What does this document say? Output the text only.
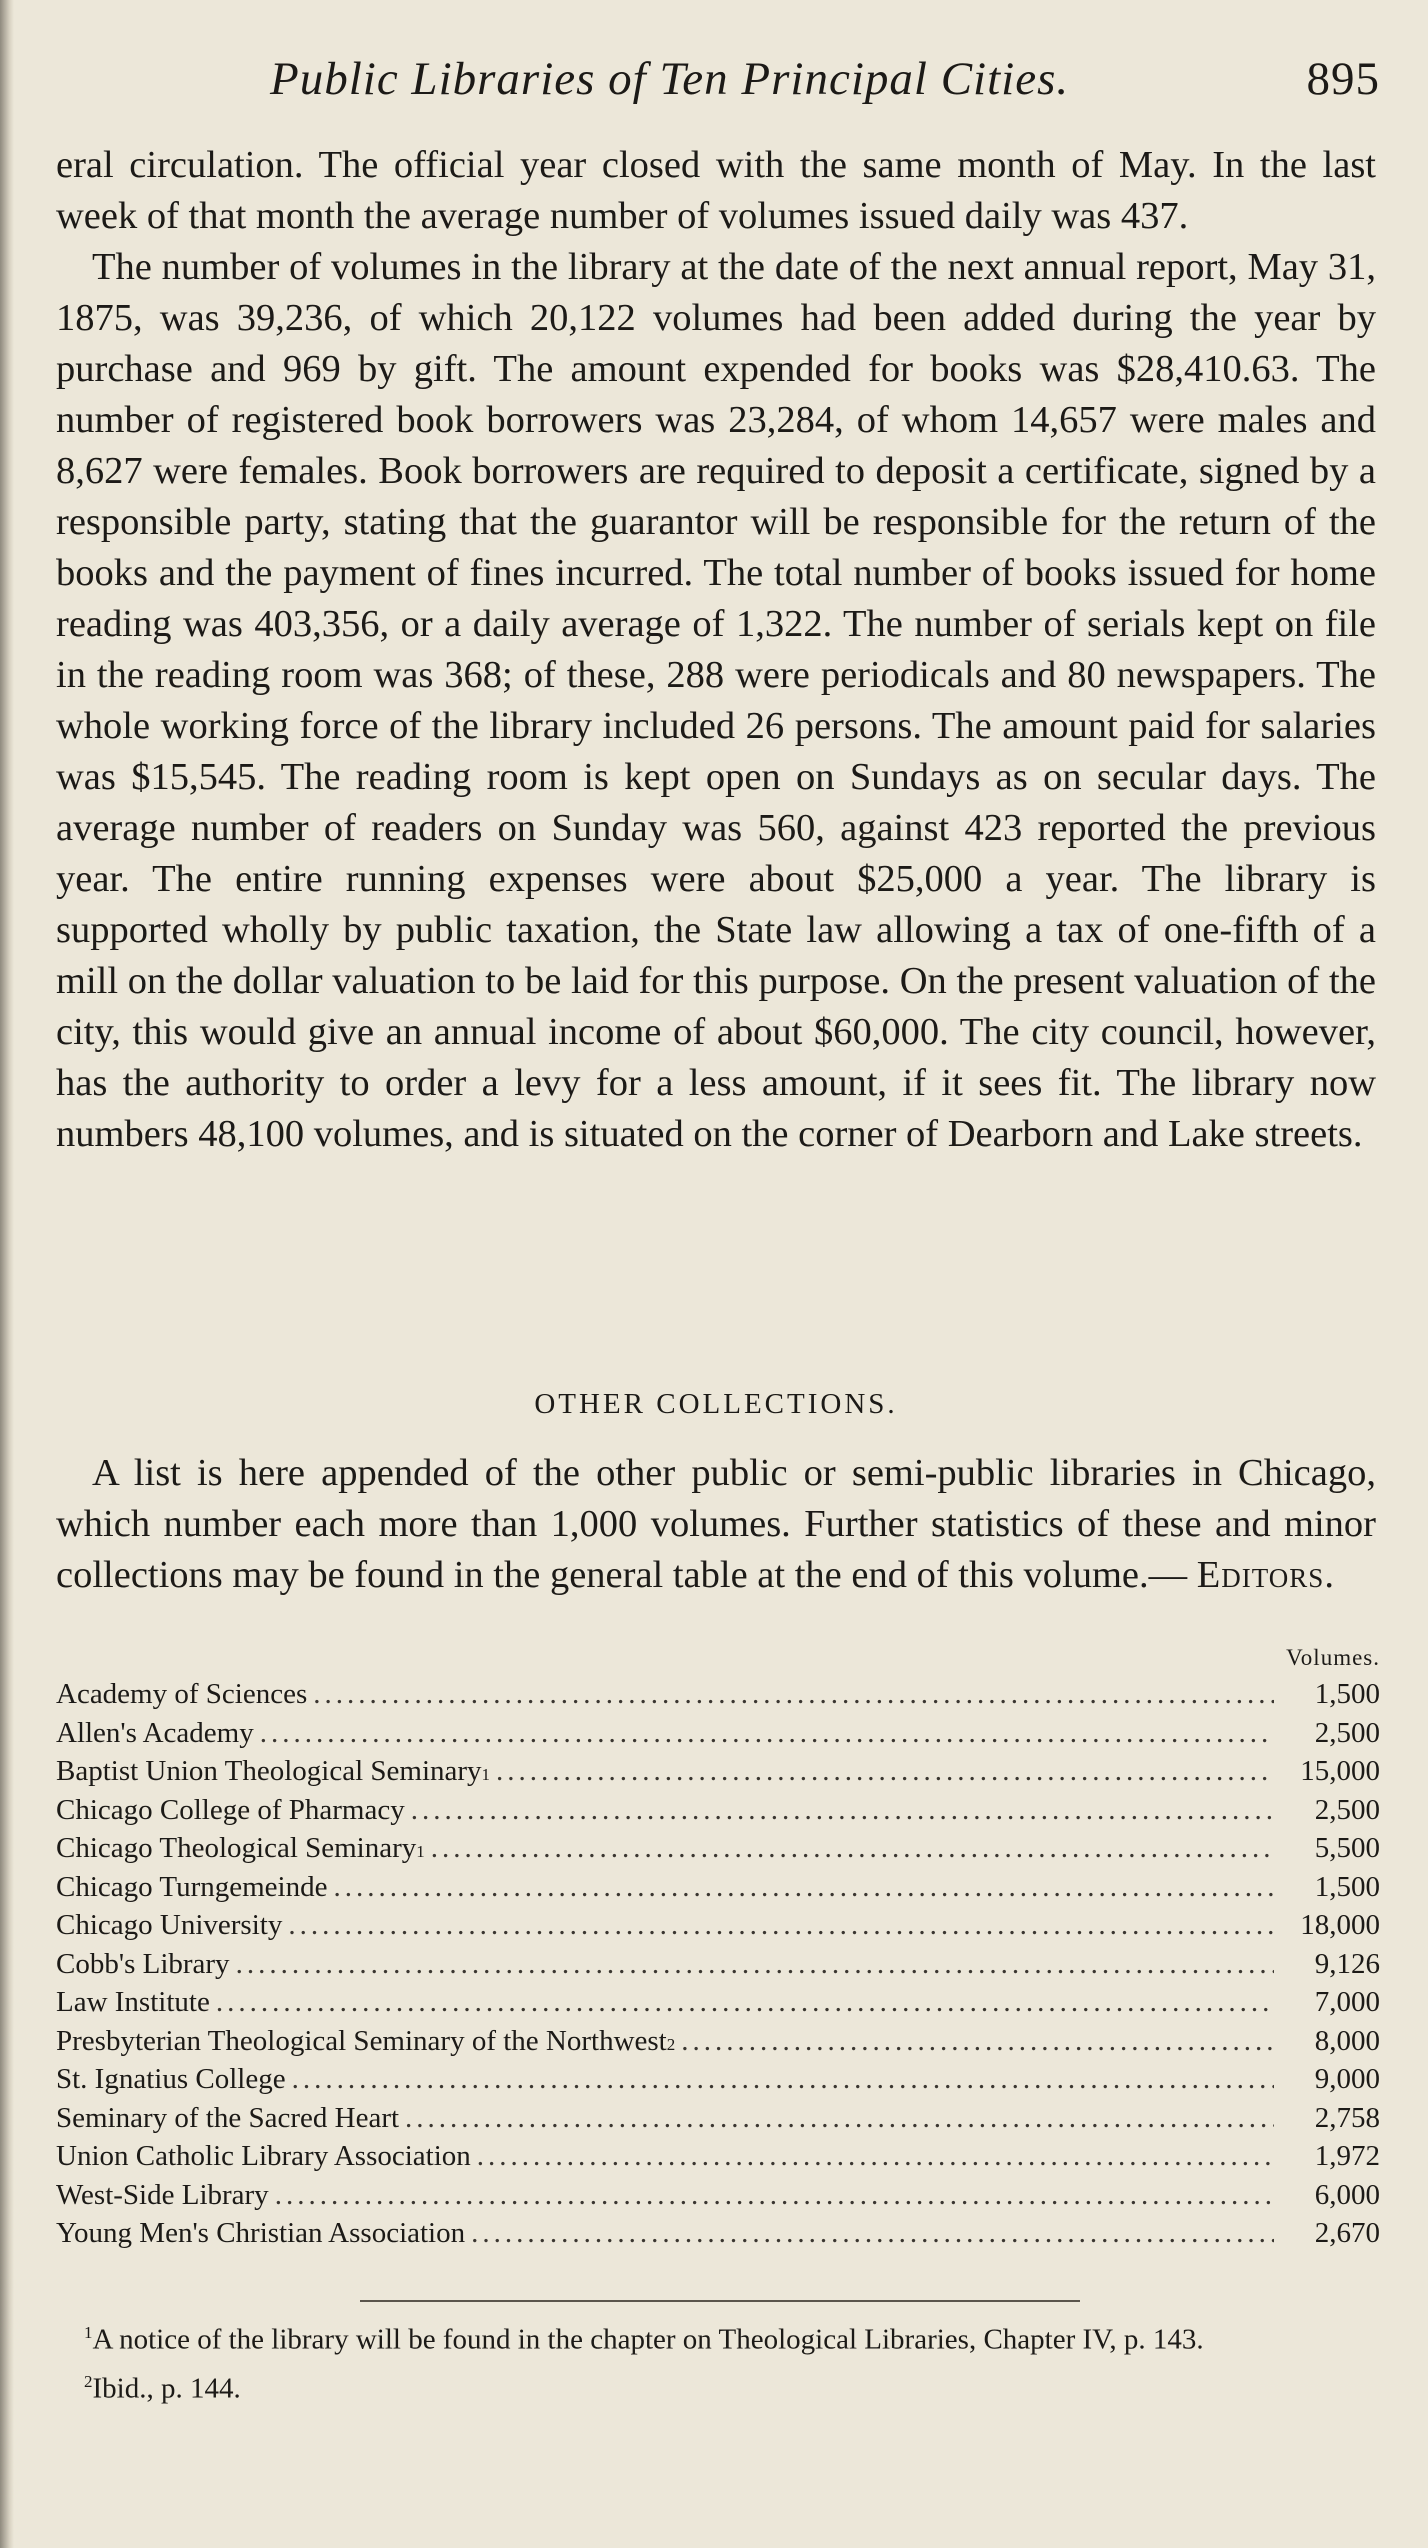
Public Libraries of Ten Principal Cities.	895

eral circulation. The official year closed with the same month of May. In the last week of that month the average number of volumes issued daily was 437.

The number of volumes in the library at the date of the next annual report, May 31, 1875, was 39,236, of which 20,122 volumes had been added during the year by purchase and 969 by gift. The amount expended for books was $28,410.63. The number of registered book borrowers was 23,284, of whom 14,657 were males and 8,627 were females. Book borrowers are required to deposit a certificate, signed by a responsible party, stating that the guarantor will be responsible for the return of the books and the payment of fines incurred. The total number of books issued for home reading was 403,356, or a daily average of 1,322. The number of serials kept on file in the reading room was 368; of these, 288 were periodicals and 80 newspapers. The whole working force of the library included 26 persons. The amount paid for salaries was $15,545. The reading room is kept open on Sundays as on secular days. The average number of readers on Sunday was 560, against 423 reported the previous year. The entire running expenses were about $25,000 a year. The library is supported wholly by public taxation, the State law allowing a tax of one-fifth of a mill on the dollar valuation to be laid for this purpose. On the present valuation of the city, this would give an annual income of about $60,000. The city council, however, has the authority to order a levy for a less amount, if it sees fit. The library now numbers 48,100 volumes, and is situated on the corner of Dearborn and Lake streets.

OTHER COLLECTIONS.

A list is here appended of the other public or semi-public libraries in Chicago, which number each more than 1,000 volumes. Further statistics of these and minor collections may be found in the general table at the end of this volume.— Editors.

Volumes.
Academy of Sciences .....	1,500
Allen's Academy .....	2,500
Baptist Union Theological Seminary 1 .....	15,000
Chicago College of Pharmacy .....	2,500
Chicago Theological Seminary 1 .....	5,500
Chicago Turngemeinde .....	1,500
Chicago University .....	18,000
Cobb's Library .....	9,126
Law Institute .....	7,000
Presbyterian Theological Seminary of the Northwest 2 .....	8,000
St. Ignatius College .....	9,000
Seminary of the Sacred Heart .....	2,758
Union Catholic Library Association .....	1,972
West-Side Library .....	6,000
Young Men's Christian Association .....	2,670

$^1$A notice of the library will be found in the chapter on Theological Libraries, Chapter IV, p. 143.

$^2$Ibid., p. 144.
